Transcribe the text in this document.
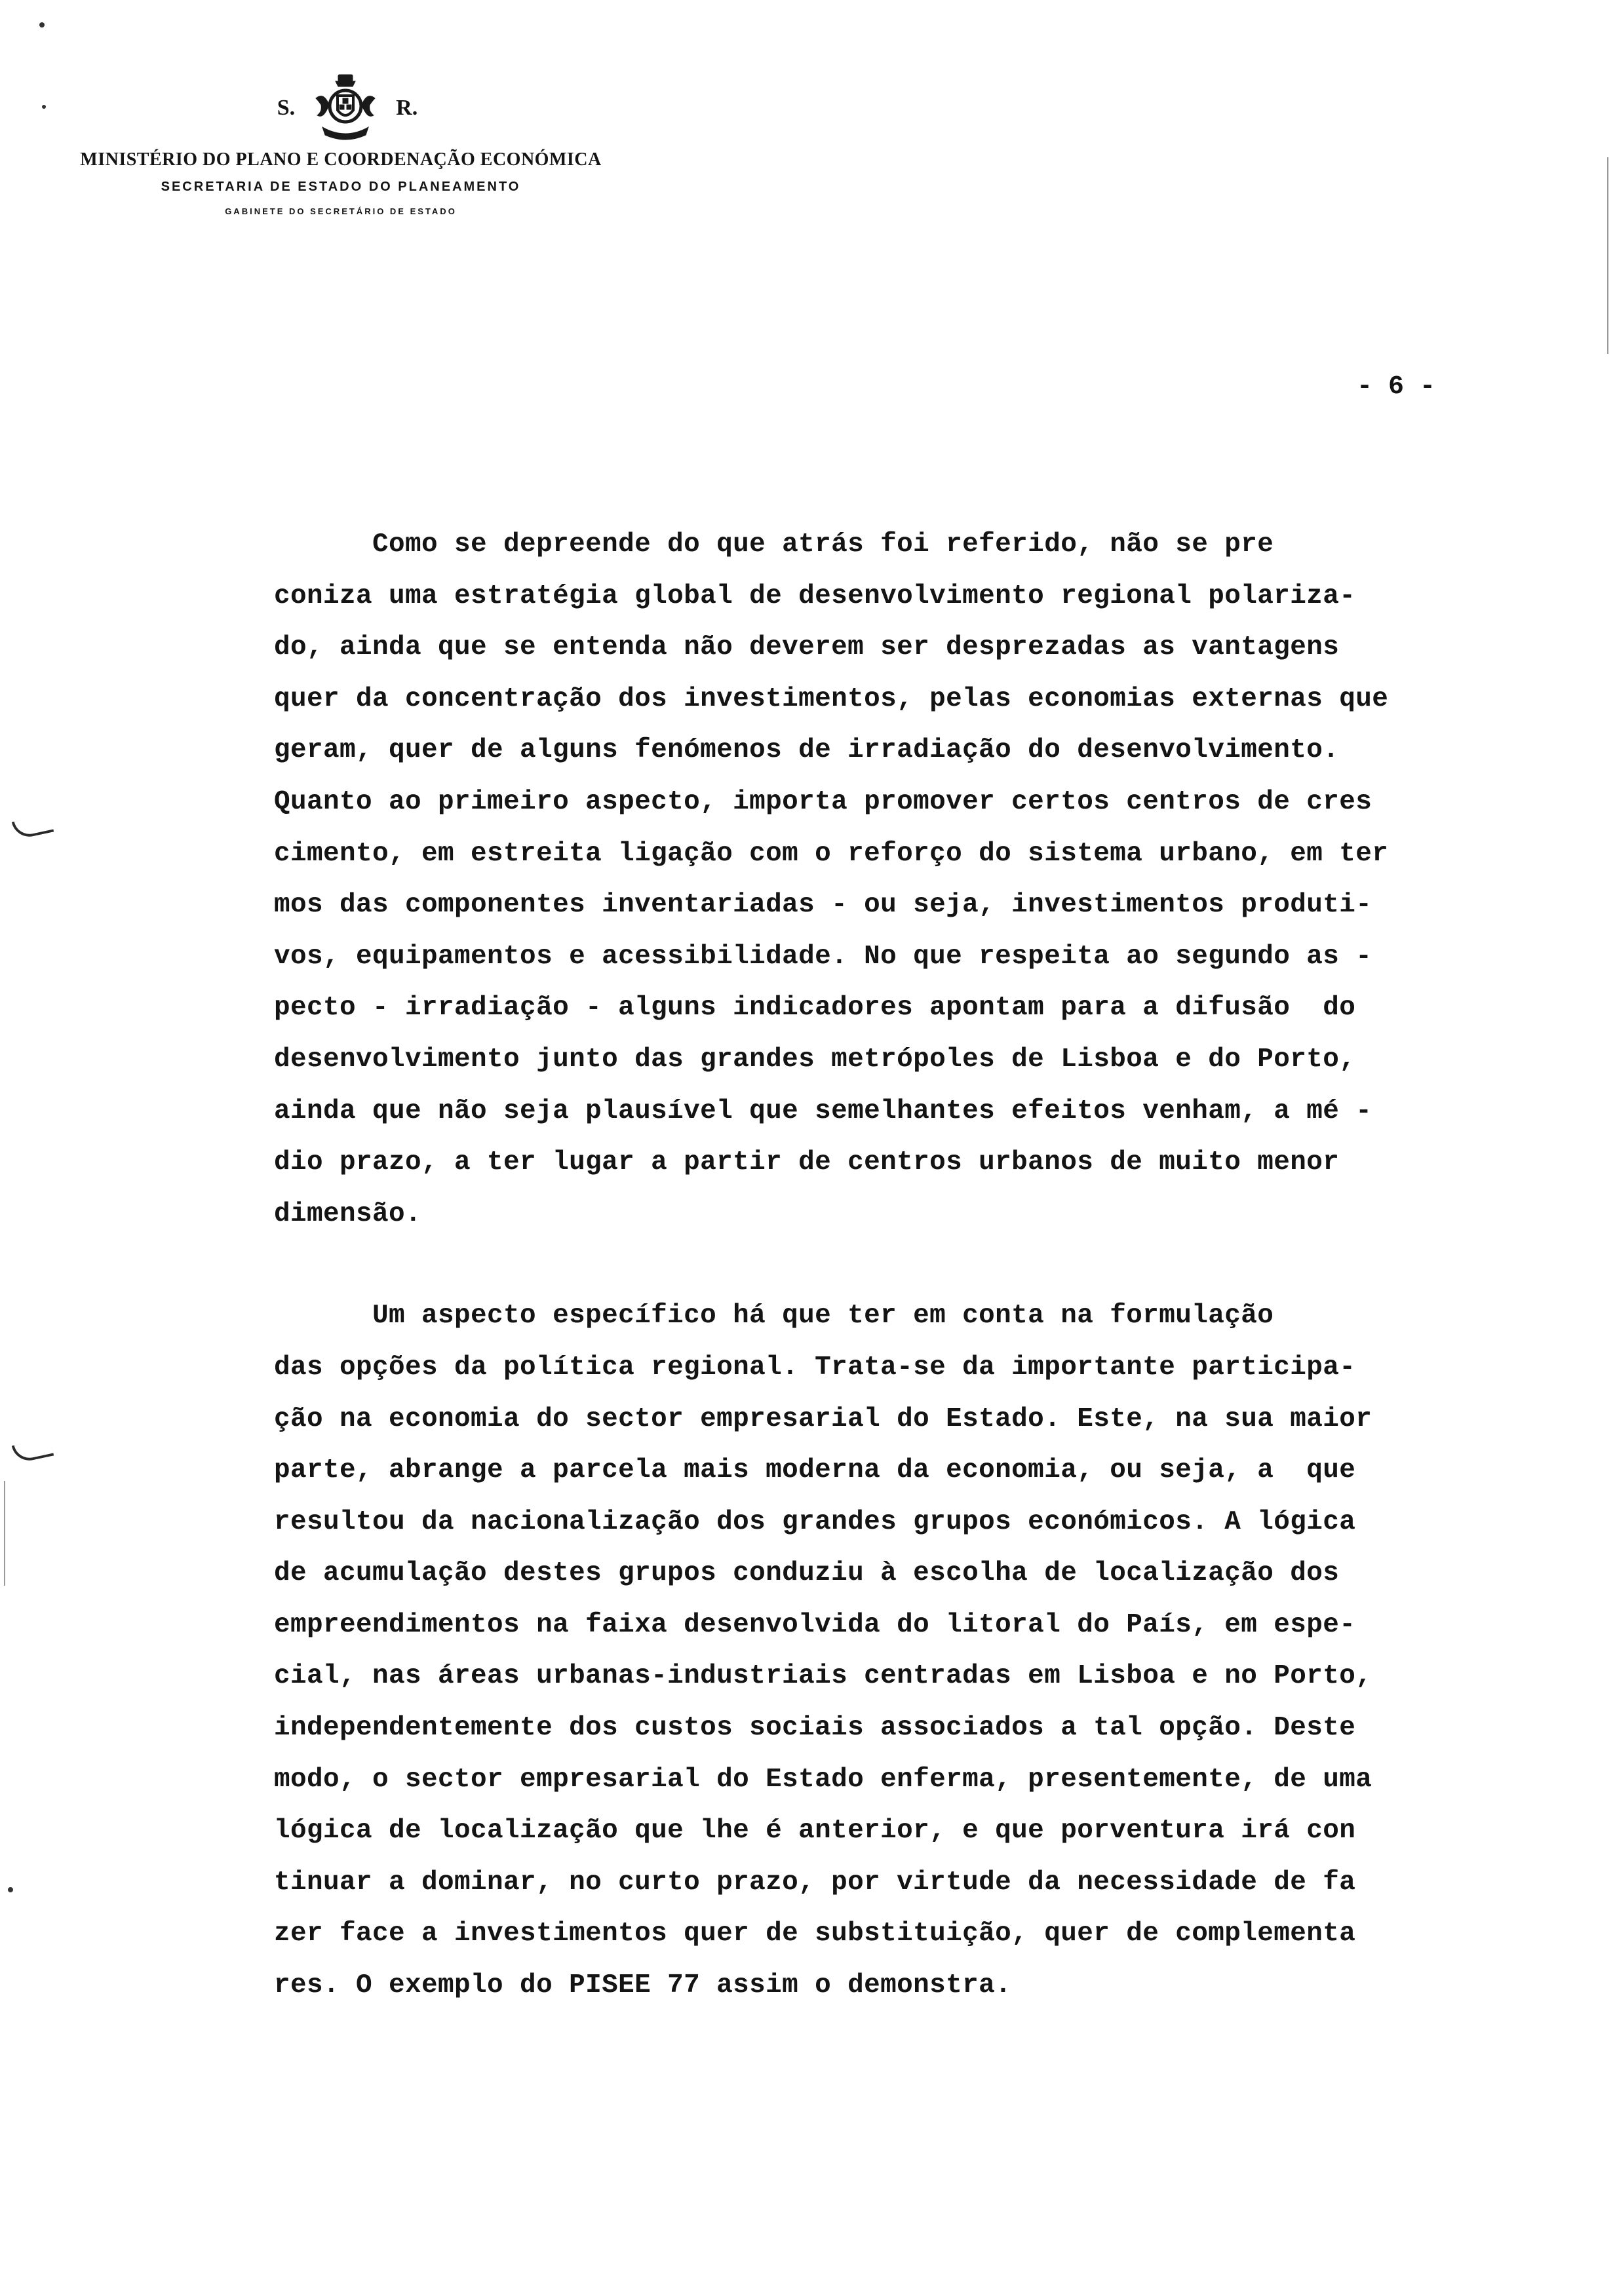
S.	R.
MINISTÉRIO DO PLANO E COORDENAÇÃO ECONÓMICA
SECRETARIA DE ESTADO DO PLANEAMENTO
GABINETE DO SECRETÁRIO DE ESTADO
- 6 -
Como se depreende do que atrás foi referido, não se pre
coniza uma estratégia global de desenvolvimento regional polariza-
do, ainda que se entenda não deverem ser desprezadas as vantagens
quer da concentração dos investimentos, pelas economias externas que
geram, quer de alguns fenómenos de irradiação do desenvolvimento.
Quanto ao primeiro aspecto, importa promover certos centros de cres
cimento, em estreita ligação com o reforço do sistema urbano, em ter
mos das componentes inventariadas - ou seja, investimentos produti-
vos, equipamentos e acessibilidade. No que respeita ao segundo as -
pecto - irradiação - alguns indicadores apontam para a difusão  do
desenvolvimento junto das grandes metrópoles de Lisboa e do Porto,
ainda que não seja plausível que semelhantes efeitos venham, a mé -
dio prazo, a ter lugar a partir de centros urbanos de muito menor
dimensão.
Um aspecto específico há que ter em conta na formulação
das opções da política regional. Trata-se da importante participa-
ção na economia do sector empresarial do Estado. Este, na sua maior
parte, abrange a parcela mais moderna da economia, ou seja, a  que
resultou da nacionalização dos grandes grupos económicos. A lógica
de acumulação destes grupos conduziu à escolha de localização dos
empreendimentos na faixa desenvolvida do litoral do País, em espe-
cial, nas áreas urbanas-industriais centradas em Lisboa e no Porto,
independentemente dos custos sociais associados a tal opção. Deste
modo, o sector empresarial do Estado enferma, presentemente, de uma
lógica de localização que lhe é anterior, e que porventura irá con
tinuar a dominar, no curto prazo, por virtude da necessidade de fa
zer face a investimentos quer de substituição, quer de complementa
res. O exemplo do PISEE 77 assim o demonstra.
